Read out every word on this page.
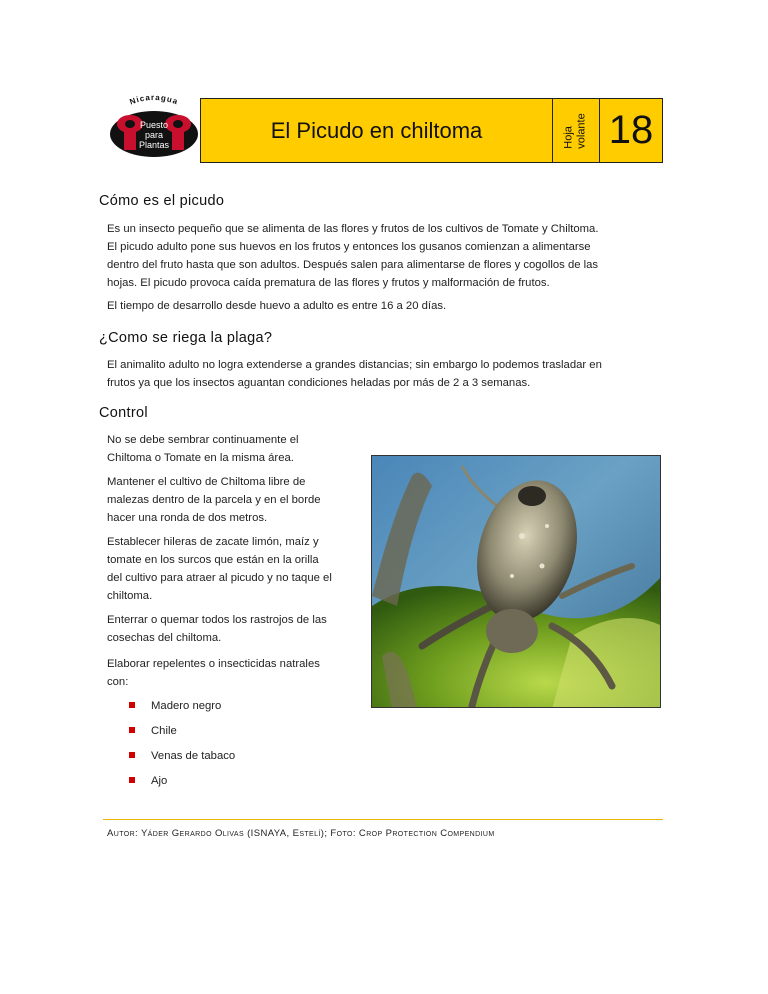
Nicaragua
Puesto
para
Plantas
El Picudo en chiltoma	Hoja volante 18
Cómo es el picudo

Es un insecto pequeño que se alimenta de las flores y frutos de los cultivos de Tomate y Chiltoma.
El picudo adulto pone sus huevos en los frutos y entonces los gusanos comienzan a alimentarse
dentro del fruto hasta que son adultos. Después salen para alimentarse de flores y cogollos de las
hojas. El picudo provoca caída prematura de las flores y frutos y malformación de frutos.

El tiempo de desarrollo desde huevo a adulto es entre 16 a 20 días.

¿Como se riega la plaga?

El animalito adulto no logra extenderse a grandes distancias; sin embargo lo podemos trasladar en
frutos ya que los insectos aguantan condiciones heladas por más de 2 a 3 semanas.

Control

No se debe sembrar continuamente el
Chiltoma o Tomate en la misma área.

Mantener el cultivo de Chiltoma libre de
malezas dentro de la parcela y en el borde
hacer una ronda de dos metros.

Establecer hileras de zacate limón, maíz y
tomate en los surcos que están en la orilla
del cultivo para atraer al picudo y no taque el
chiltoma.

Enterrar o quemar todos los rastrojos de las
cosechas del chiltoma.

Elaborar repelentes o insecticidas natrales
con:

Madero negro
Chile
Venas de tabaco
Ajo
Autor: Yáder Gerardo Olivas (ISNAYA, Estelí); Foto: Crop Protection Compendium
